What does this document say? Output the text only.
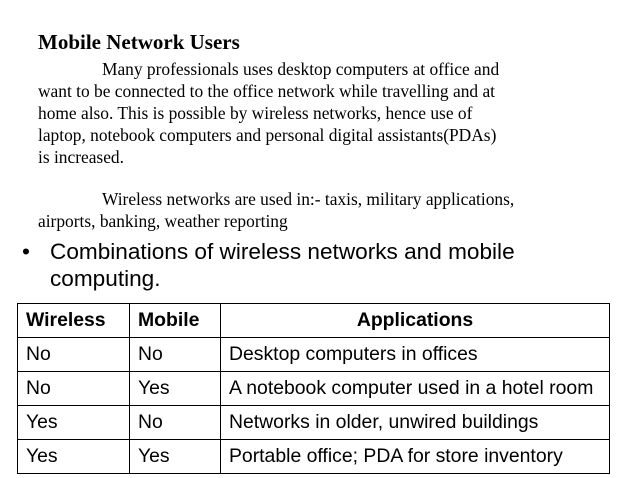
Mobile Network Users
Many professionals uses desktop computers at office and
want to be connected to the office network while travelling and at
home also. This is possible by wireless networks, hence use of
laptop, notebook computers and personal digital assistants(PDAs)
is increased.
Wireless networks are used in:- taxis, military applications,
airports, banking, weather reporting
• Combinations of wireless networks and mobile
computing.
Wireless	Mobile	Applications
No	No	Desktop computers in offices
No	Yes	A notebook computer used in a hotel room
Yes	No	Networks in older, unwired buildings
Yes	Yes	Portable office; PDA for store inventory
